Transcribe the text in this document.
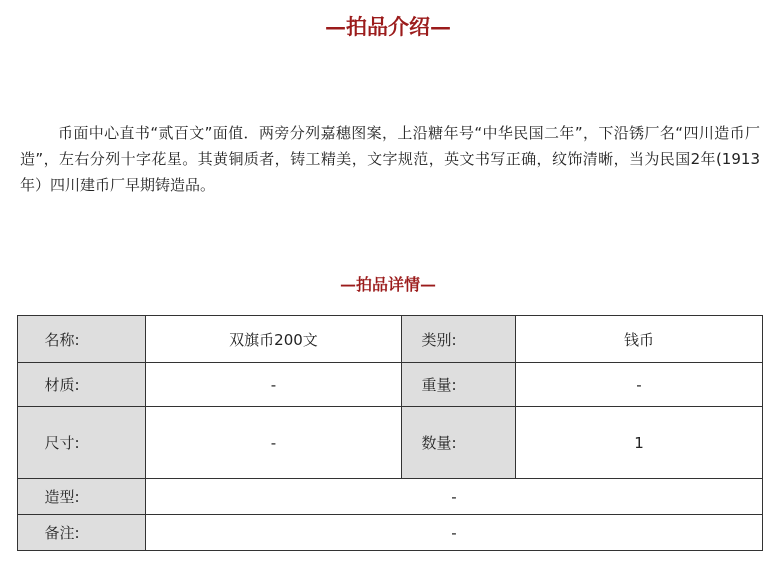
—拍品介绍—

币面中心直书“贰百文”面值．两旁分列嘉穗图案，上沿糖年号“中华民国二年”，下沿锈厂名“四川造币厂造”，左右分列十字花星。其黄铜质者，铸工精美，文字规范，英文书写正确，纹饰清晰，当为民国2年(1913年）四川建币厂早期铸造品。

—拍品详情—
名称:	双旗币200文	类别:	钱币
材质:	-	重量:	-
尺寸:	-	数量:	1
造型:	-		
备注:	-		
